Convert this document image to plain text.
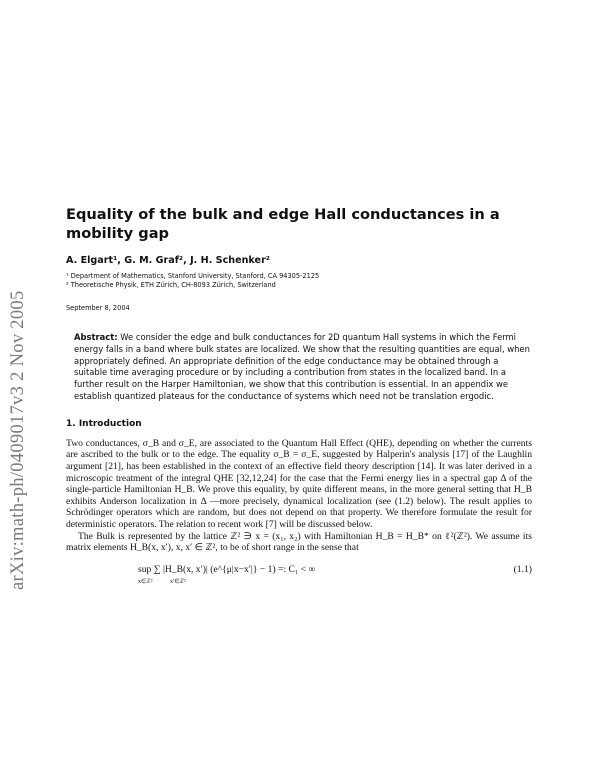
arXiv:math-ph/0409017v3 2 Nov 2005
Equality of the bulk and edge Hall conductances in a mobility gap
A. Elgart¹, G. M. Graf², J. H. Schenker²
¹ Department of Mathematics, Stanford University, Stanford, CA 94305-2125
² Theoretische Physik, ETH Zürich, CH-8093 Zürich, Switzerland
September 8, 2004
Abstract: We consider the edge and bulk conductances for 2D quantum Hall systems in which the Fermi energy falls in a band where bulk states are localized. We show that the resulting quantities are equal, when appropriately defined. An appropriate definition of the edge conductance may be obtained through a suitable time averaging procedure or by including a contribution from states in the localized band. In a further result on the Harper Hamiltonian, we show that this contribution is essential. In an appendix we establish quantized plateaus for the conductance of systems which need not be translation ergodic.
1. Introduction

Two conductances, σ_B and σ_E, are associated to the Quantum Hall Effect (QHE), depending on whether the currents are ascribed to the bulk or to the edge. The equality σ_B = σ_E, suggested by Halperin's analysis [17] of the Laughlin argument [21], has been established in the context of an effective field theory description [14]. It was later derived in a microscopic treatment of the integral QHE [32,12,24] for the case that the Fermi energy lies in a spectral gap Δ of the single-particle Hamiltonian H_B. We prove this equality, by quite different means, in the more general setting that H_B exhibits Anderson localization in Δ —more precisely, dynamical localization (see (1.2) below). The result applies to Schrödinger operators which are random, but does not depend on that property. We therefore formulate the result for deterministic operators. The relation to recent work [7] will be discussed below.

The Bulk is represented by the lattice ℤ² ∋ x = (x₁, x₂) with Hamiltonian H_B = H_B* on ℓ²(ℤ²). We assume its matrix elements H_B(x, x′), x, x′ ∈ ℤ², to be of short range in the sense that

sup ∑ |H_B(x, x′)| (e^{μ|x−x′|} − 1) =: C₁ < ∞
x∈ℤ²	x′∈ℤ²
(1.1)
